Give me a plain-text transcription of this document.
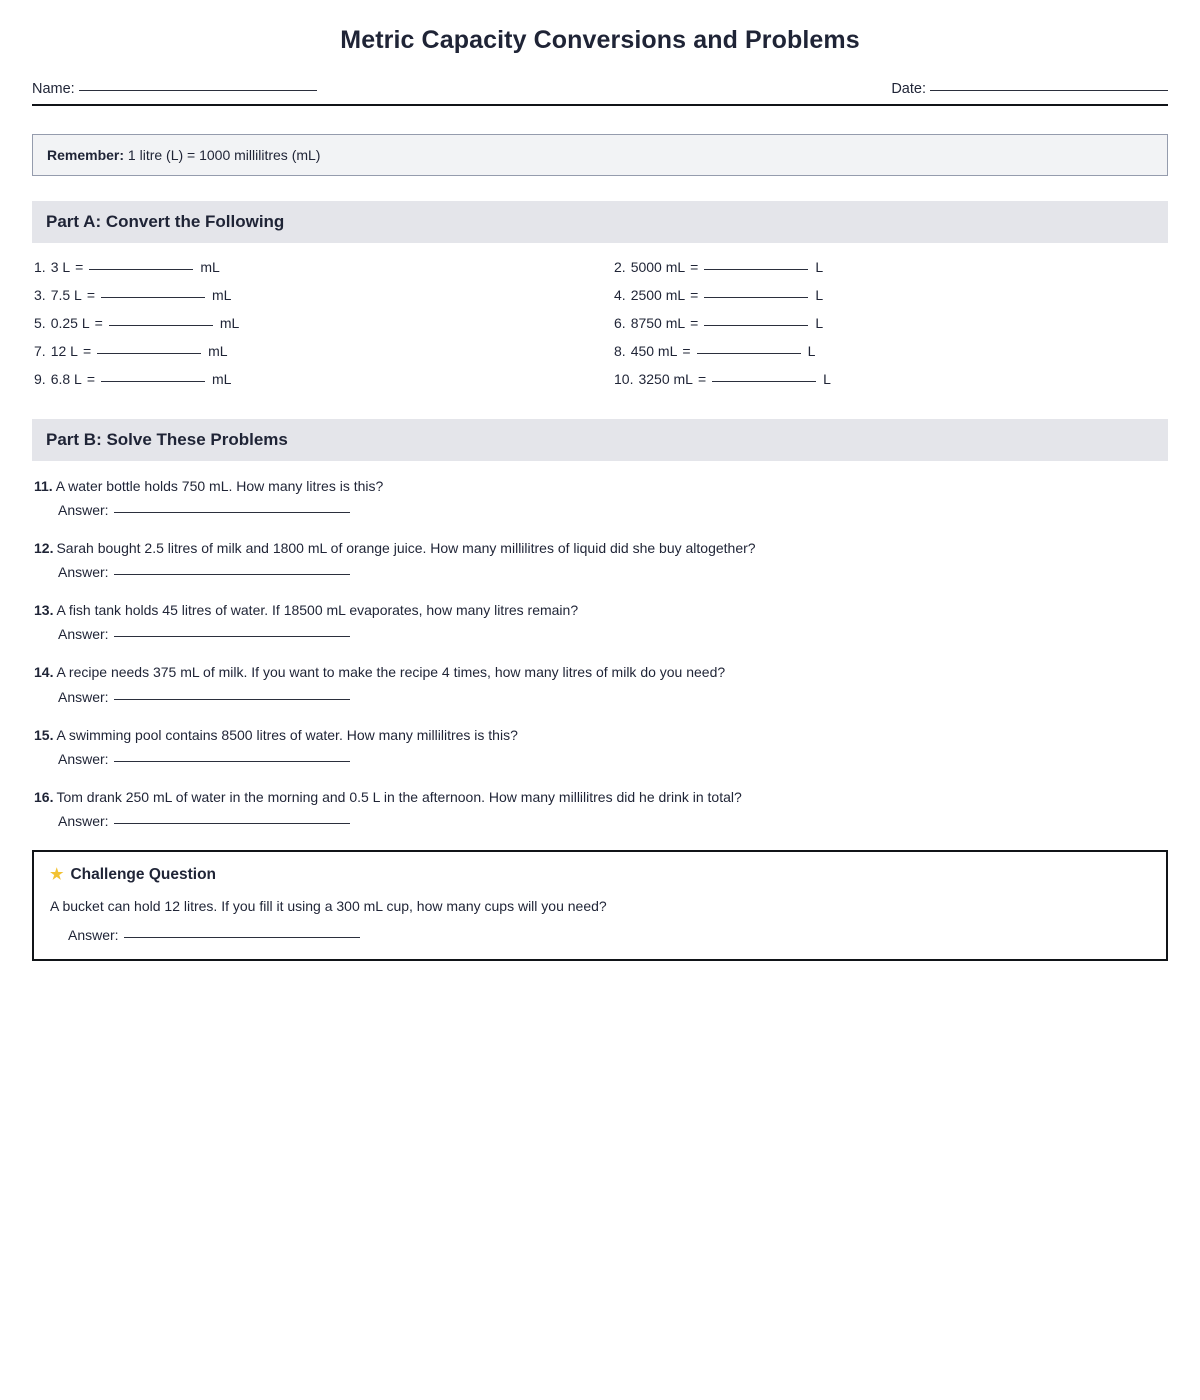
Metric Capacity Conversions and Problems
Name:	Date:
Remember: 1 litre (L) = 1000 millilitres (mL)
Part A: Convert the Following
1. 3 L =	mL	2. 5000 mL =	L
3. 7.5 L =	mL	4. 2500 mL =	L
5. 0.25 L =	mL	6. 8750 mL =	L
7. 12 L =	mL	8. 450 mL =	L
9. 6.8 L =	mL	10. 3250 mL =	L
Part B: Solve These Problems
11. A water bottle holds 750 mL. How many litres is this?
Answer:
12. Sarah bought 2.5 litres of milk and 1800 mL of orange juice. How many millilitres of liquid did she buy altogether?
Answer:
13. A fish tank holds 45 litres of water. If 18500 mL evaporates, how many litres remain?
Answer:
14. A recipe needs 375 mL of milk. If you want to make the recipe 4 times, how many litres of milk do you need?
Answer:
15. A swimming pool contains 8500 litres of water. How many millilitres is this?
Answer:
16. Tom drank 250 mL of water in the morning and 0.5 L in the afternoon. How many millilitres did he drink in total?
Answer:
★ Challenge Question
A bucket can hold 12 litres. If you fill it using a 300 mL cup, how many cups will you need?
Answer:
